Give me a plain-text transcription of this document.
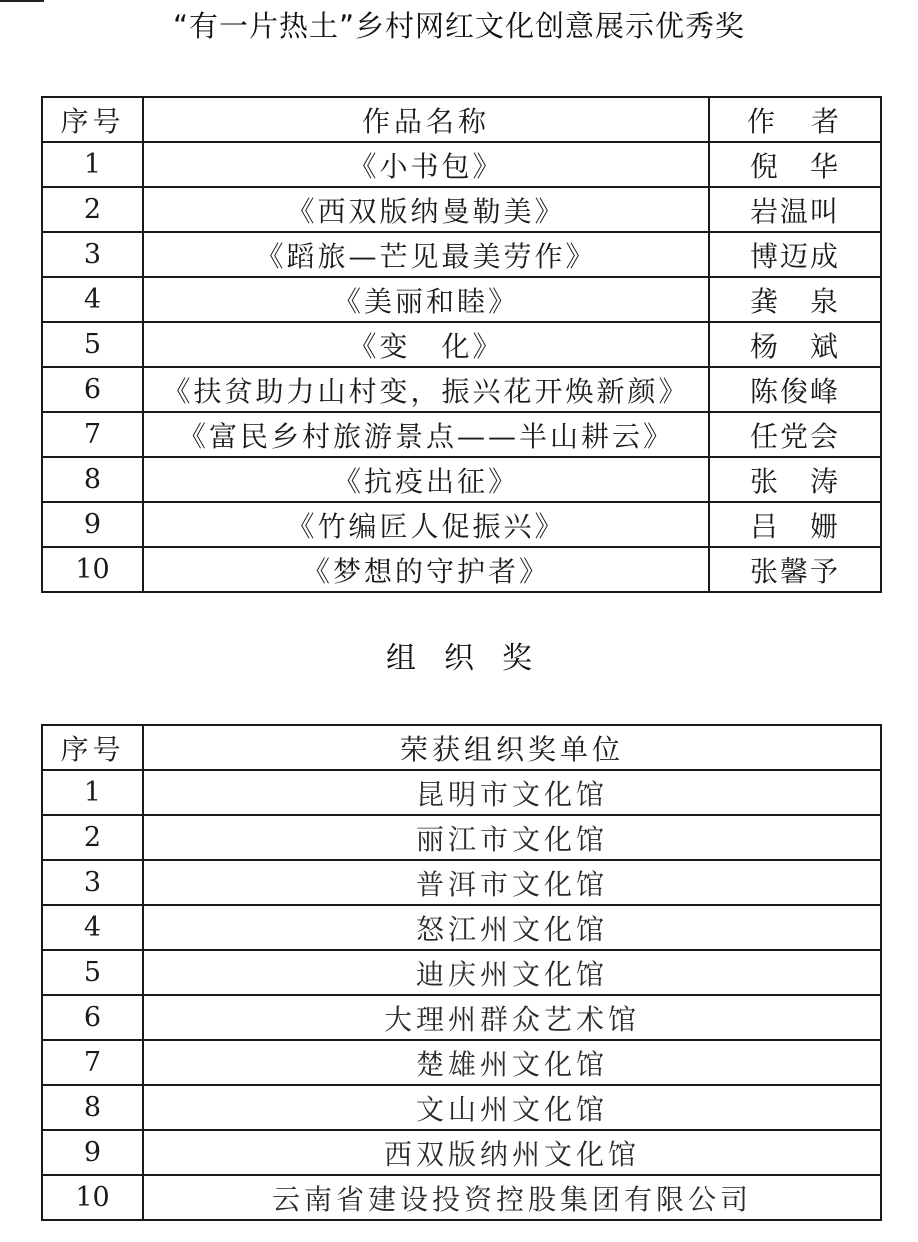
“有一片热土”乡村网红文化创意展示优秀奖
序号	作品名称	作　者
1	《小书包》	倪　华
2	《西双版纳曼勒美》	岩温叫
3	《蹈旅—芒见最美劳作》	博迈成
4	《美丽和睦》	龚　泉
5	《变　化》	杨　斌
6	《扶贫助力山村变，振兴花开焕新颜》	陈俊峰
7	《富民乡村旅游景点——半山耕云》	任党会
8	《抗疫出征》	张　涛
9	《竹编匠人促振兴》	吕　姗
10	《梦想的守护者》	张馨予
组 织 奖
序号	荣获组织奖单位
1	昆明市文化馆
2	丽江市文化馆
3	普洱市文化馆
4	怒江州文化馆
5	迪庆州文化馆
6	大理州群众艺术馆
7	楚雄州文化馆
8	文山州文化馆
9	西双版纳州文化馆
10	云南省建设投资控股集团有限公司
